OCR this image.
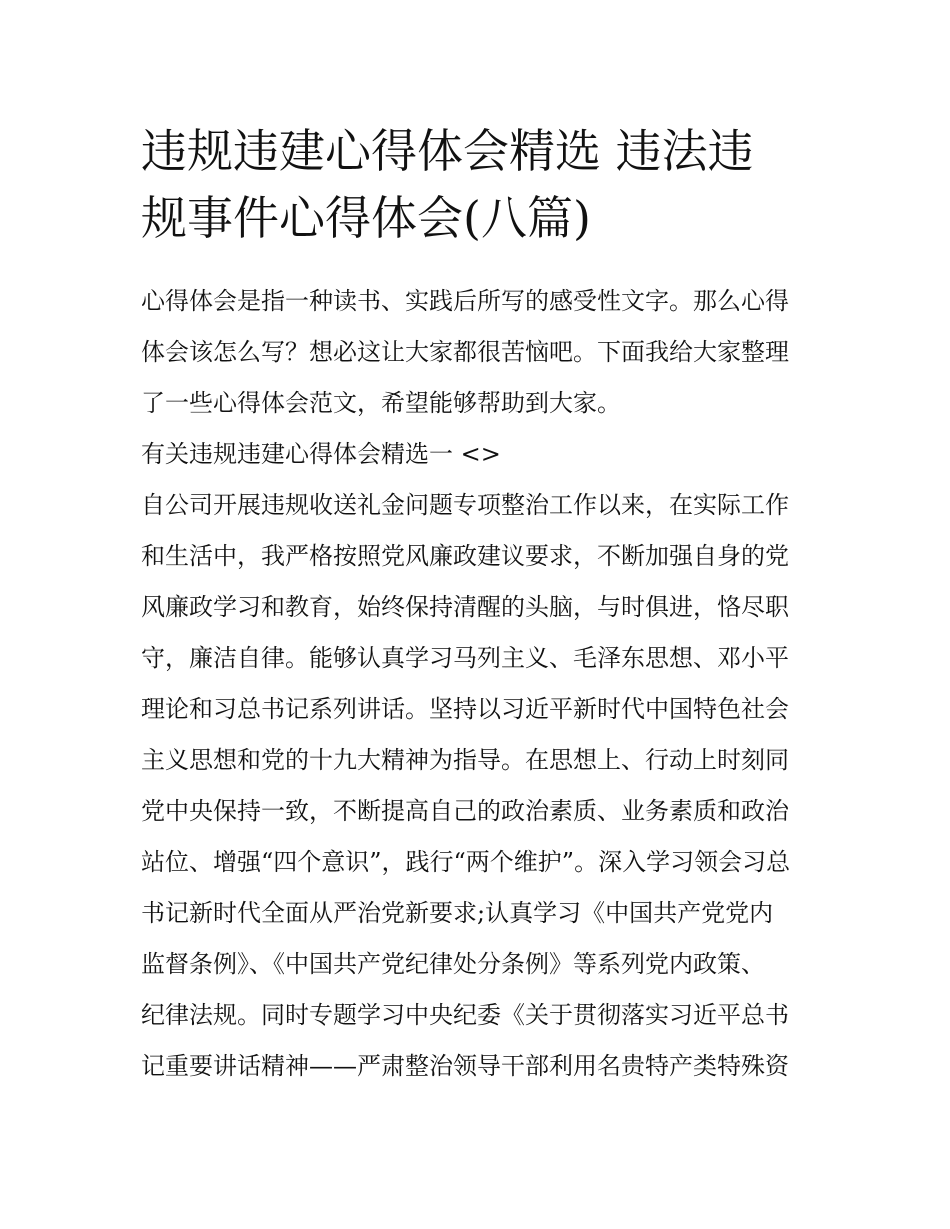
违规违建心得体会精选 违法违
规事件心得体会(八篇)
心得体会是指一种读书、实践后所写的感受性文字。那么心得
体会该怎么写？想必这让大家都很苦恼吧。下面我给大家整理
了一些心得体会范文，希望能够帮助到大家。
有关违规违建心得体会精选一 <>
自公司开展违规收送礼金问题专项整治工作以来，在实际工作
和生活中，我严格按照党风廉政建议要求，不断加强自身的党
风廉政学习和教育，始终保持清醒的头脑，与时俱进，恪尽职
守，廉洁自律。能够认真学习马列主义、毛泽东思想、邓小平
理论和习总书记系列讲话。坚持以习近平新时代中国特色社会
主义思想和党的十九大精神为指导。在思想上、行动上时刻同
党中央保持一致，不断提高自己的政治素质、业务素质和政治
站位、增强“四个意识”，践行“两个维护”。深入学习领会习总
书记新时代全面从严治党新要求;认真学习《中国共产党党内
监督条例》、《中国共产党纪律处分条例》等系列党内政策、
纪律法规。同时专题学习中央纪委《关于贯彻落实习近平总书
记重要讲话精神——严肃整治领导干部利用名贵特产类特殊资
